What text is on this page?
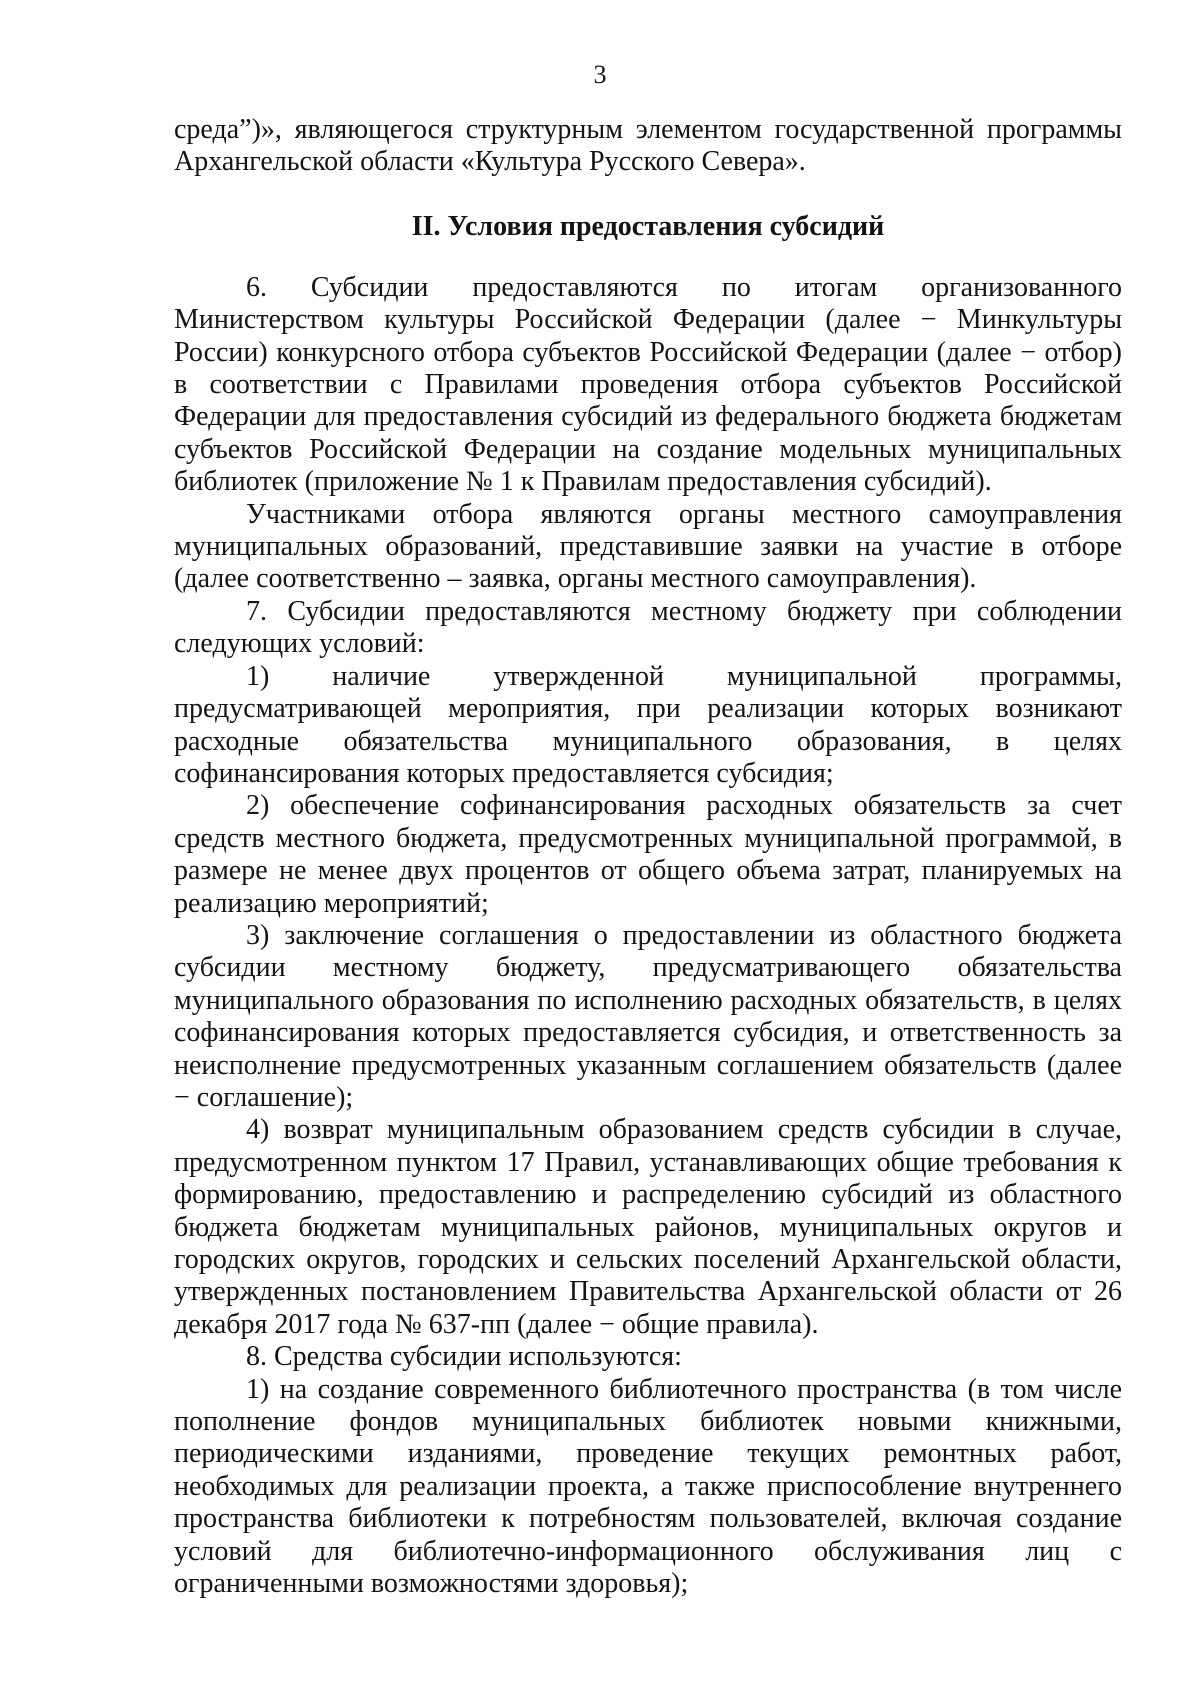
3

среда”)», являющегося структурным элементом государственной программы Архангельской области «Культура Русского Севера».

II. Условия предоставления субсидий

6. Субсидии предоставляются по итогам организованного Министерством культуры Российской Федерации (далее − Минкультуры России) конкурсного отбора субъектов Российской Федерации (далее − отбор) в соответствии с Правилами проведения отбора субъектов Российской Федерации для предоставления субсидий из федерального бюджета бюджетам субъектов Российской Федерации на создание модельных муниципальных библиотек (приложение № 1 к Правилам предоставления субсидий).

Участниками отбора являются органы местного самоуправления муниципальных образований, представившие заявки на участие в отборе (далее соответственно – заявка, органы местного самоуправления).

7. Субсидии предоставляются местному бюджету при соблюдении следующих условий:

1) наличие утвержденной муниципальной программы, предусматривающей мероприятия, при реализации которых возникают расходные обязательства муниципального образования, в целях софинансирования которых предоставляется субсидия;

2) обеспечение софинансирования расходных обязательств за счет средств местного бюджета, предусмотренных муниципальной программой, в размере не менее двух процентов от общего объема затрат, планируемых на реализацию мероприятий;

3) заключение соглашения о предоставлении из областного бюджета субсидии местному бюджету, предусматривающего обязательства муниципального образования по исполнению расходных обязательств, в целях софинансирования которых предоставляется субсидия, и ответственность за неисполнение предусмотренных указанным соглашением обязательств (далее − соглашение);

4) возврат муниципальным образованием средств субсидии в случае, предусмотренном пунктом 17 Правил, устанавливающих общие требования к формированию, предоставлению и распределению субсидий из областного бюджета бюджетам муниципальных районов, муниципальных округов и городских округов, городских и сельских поселений Архангельской области, утвержденных постановлением Правительства Архангельской области от 26 декабря 2017 года № 637-пп (далее − общие правила).

8. Средства субсидии используются:

1) на создание современного библиотечного пространства (в том числе пополнение фондов муниципальных библиотек новыми книжными, периодическими изданиями, проведение текущих ремонтных работ, необходимых для реализации проекта, а также приспособление внутреннего пространства библиотеки к потребностям пользователей, включая создание условий для библиотечно-информационного обслуживания лиц с ограниченными возможностями здоровья);
